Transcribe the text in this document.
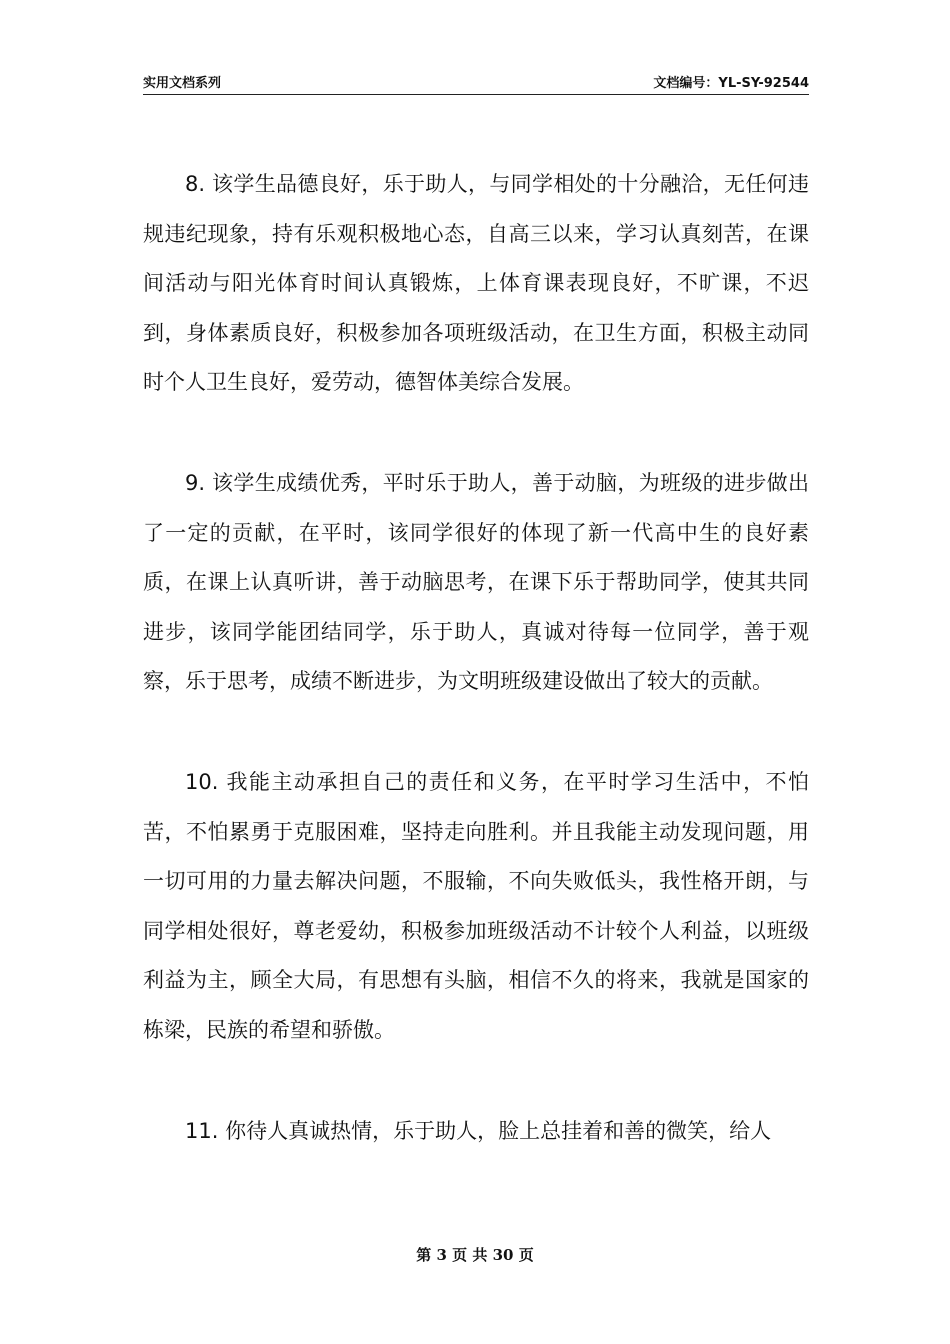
实用文档系列	文档编号：YL-SY-92544

8. 该学生品德良好，乐于助人，与同学相处的十分融洽，无任何违规违纪现象，持有乐观积极地心态，自高三以来，学习认真刻苦，在课间活动与阳光体育时间认真锻炼，上体育课表现良好，不旷课，不迟到，身体素质良好，积极参加各项班级活动，在卫生方面，积极主动同时个人卫生良好，爱劳动，德智体美综合发展。

9. 该学生成绩优秀，平时乐于助人，善于动脑，为班级的进步做出了一定的贡献，在平时，该同学很好的体现了新一代高中生的良好素质，在课上认真听讲，善于动脑思考，在课下乐于帮助同学，使其共同进步，该同学能团结同学，乐于助人，真诚对待每一位同学，善于观察，乐于思考，成绩不断进步，为文明班级建设做出了较大的贡献。

10. 我能主动承担自己的责任和义务，在平时学习生活中，不怕苦，不怕累勇于克服困难，坚持走向胜利。并且我能主动发现问题，用一切可用的力量去解决问题，不服输，不向失败低头，我性格开朗，与同学相处很好，尊老爱幼，积极参加班级活动不计较个人利益，以班级利益为主，顾全大局，有思想有头脑，相信不久的将来，我就是国家的栋梁，民族的希望和骄傲。

11. 你待人真诚热情，乐于助人，脸上总挂着和善的微笑，给人

第 3 页 共 30 页
